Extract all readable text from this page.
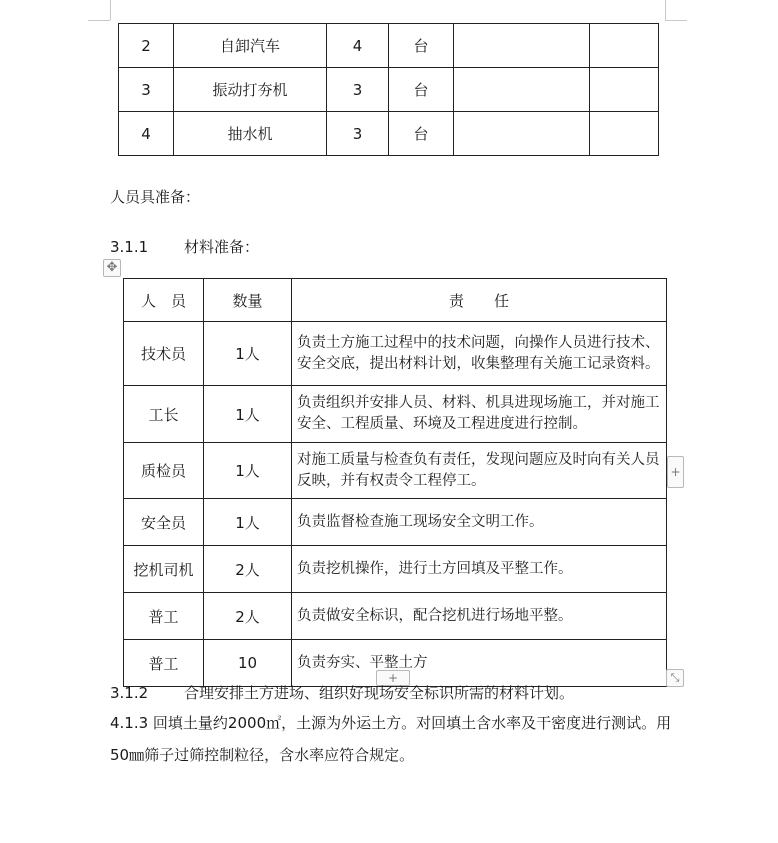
2	自卸汽车	4	台		
3	振动打夯机	3	台		
4	抽水机	3	台		
人员具准备：
3.1.1 材料准备：
✥
人　员	数量	责　　任
技术员	1人	负责土方施工过程中的技术问题，向操作人员进行技术、安全交底，提出材料计划，收集整理有关施工记录资料。
工长	1人	负责组织并安排人员、材料、机具进现场施工，并对施工安全、工程质量、环境及工程进度进行控制。
质检员	1人	对施工质量与检查负有责任，发现问题应及时向有关人员反映，并有权责令工程停工。
安全员	1人	负责监督检查施工现场安全文明工作。
挖机司机	2人	负责挖机操作，进行土方回填及平整工作。
普工	2人	负责做安全标识，配合挖机进行场地平整。
普工	10	负责夯实、平整土方
+
+	⤡
3.1.2 合理安排土方进场、组织好现场安全标识所需的材料计划。
4.1.3 回填土量约2000㎡，土源为外运土方。对回填土含水率及干密度进行测试。用
50㎜筛子过筛控制粒径，含水率应符合规定。
